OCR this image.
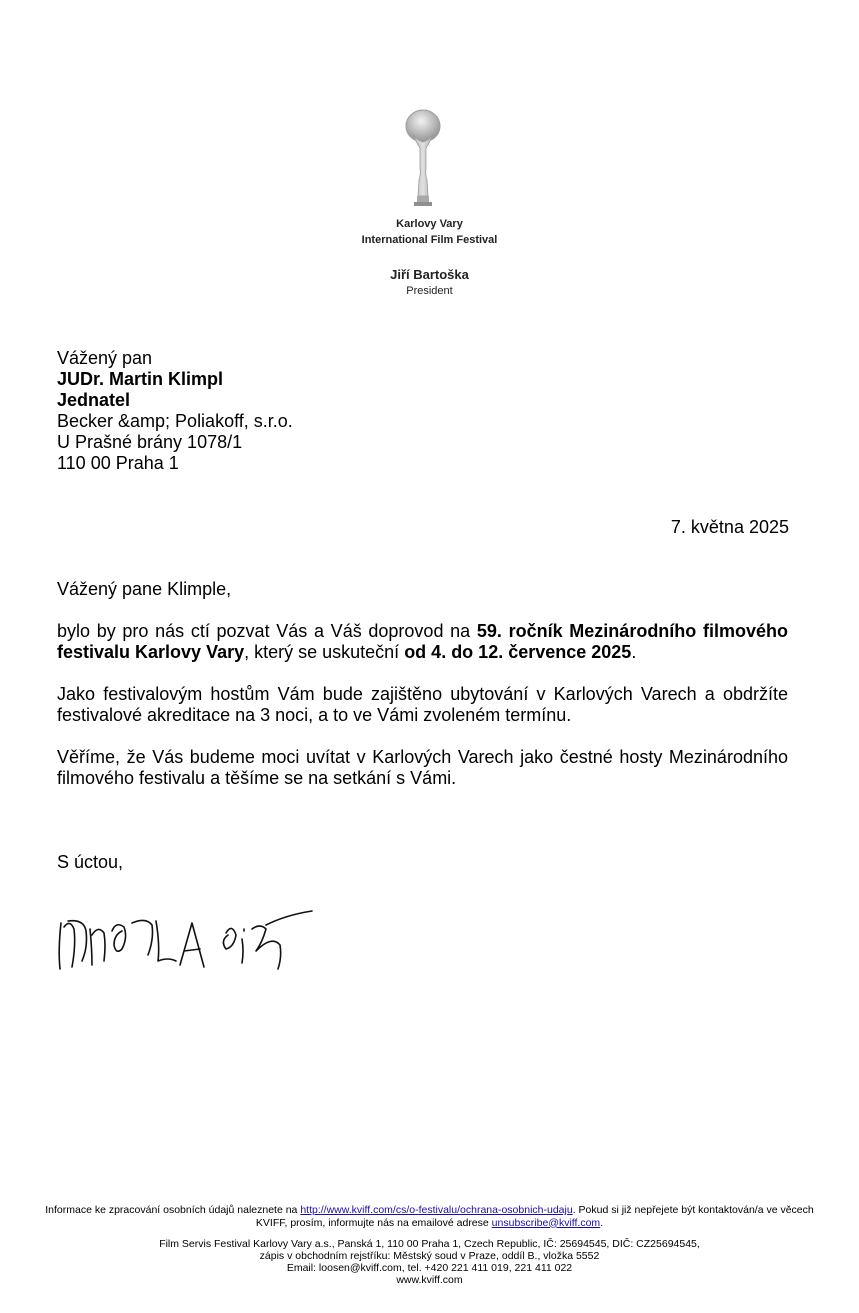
Karlovy Vary
International Film Festival
Jiří Bartoška
President
Vážený pan
JUDr. Martin Klimpl
Jednatel
Becker &amp; Poliakoff, s.r.o.
U Prašné brány 1078/1
110 00 Praha 1
7. května 2025
Vážený pane Klimple,
bylo by pro nás ctí pozvat Vás a Váš doprovod na 59. ročník Mezinárodního filmového festivalu Karlovy Vary, který se uskuteční od 4. do 12. července 2025.
Jako festivalovým hostům Vám bude zajištěno ubytování v Karlových Varech a obdržíte festivalové akreditace na 3 noci, a to ve Vámi zvoleném termínu.
Věříme, že Vás budeme moci uvítat v Karlových Varech jako čestné hosty Mezinárodního filmového festivalu a těšíme se na setkání s Vámi.
S úctou,
Informace ke zpracování osobních údajů naleznete na http://www.kviff.com/cs/o-festivalu/ochrana-osobnich-udaju. Pokud si již nepřejete být kontaktován/a ve věcech KVIFF, prosím, informujte nás na emailové adrese unsubscribe@kviff.com.
Film Servis Festival Karlovy Vary a.s., Panská 1, 110 00 Praha 1, Czech Republic, IČ: 25694545, DIČ: CZ25694545,
zápis v obchodním rejstříku: Městský soud v Praze, oddíl B., vložka 5552
Email: loosen@kviff.com, tel. +420 221 411 019, 221 411 022
www.kviff.com
